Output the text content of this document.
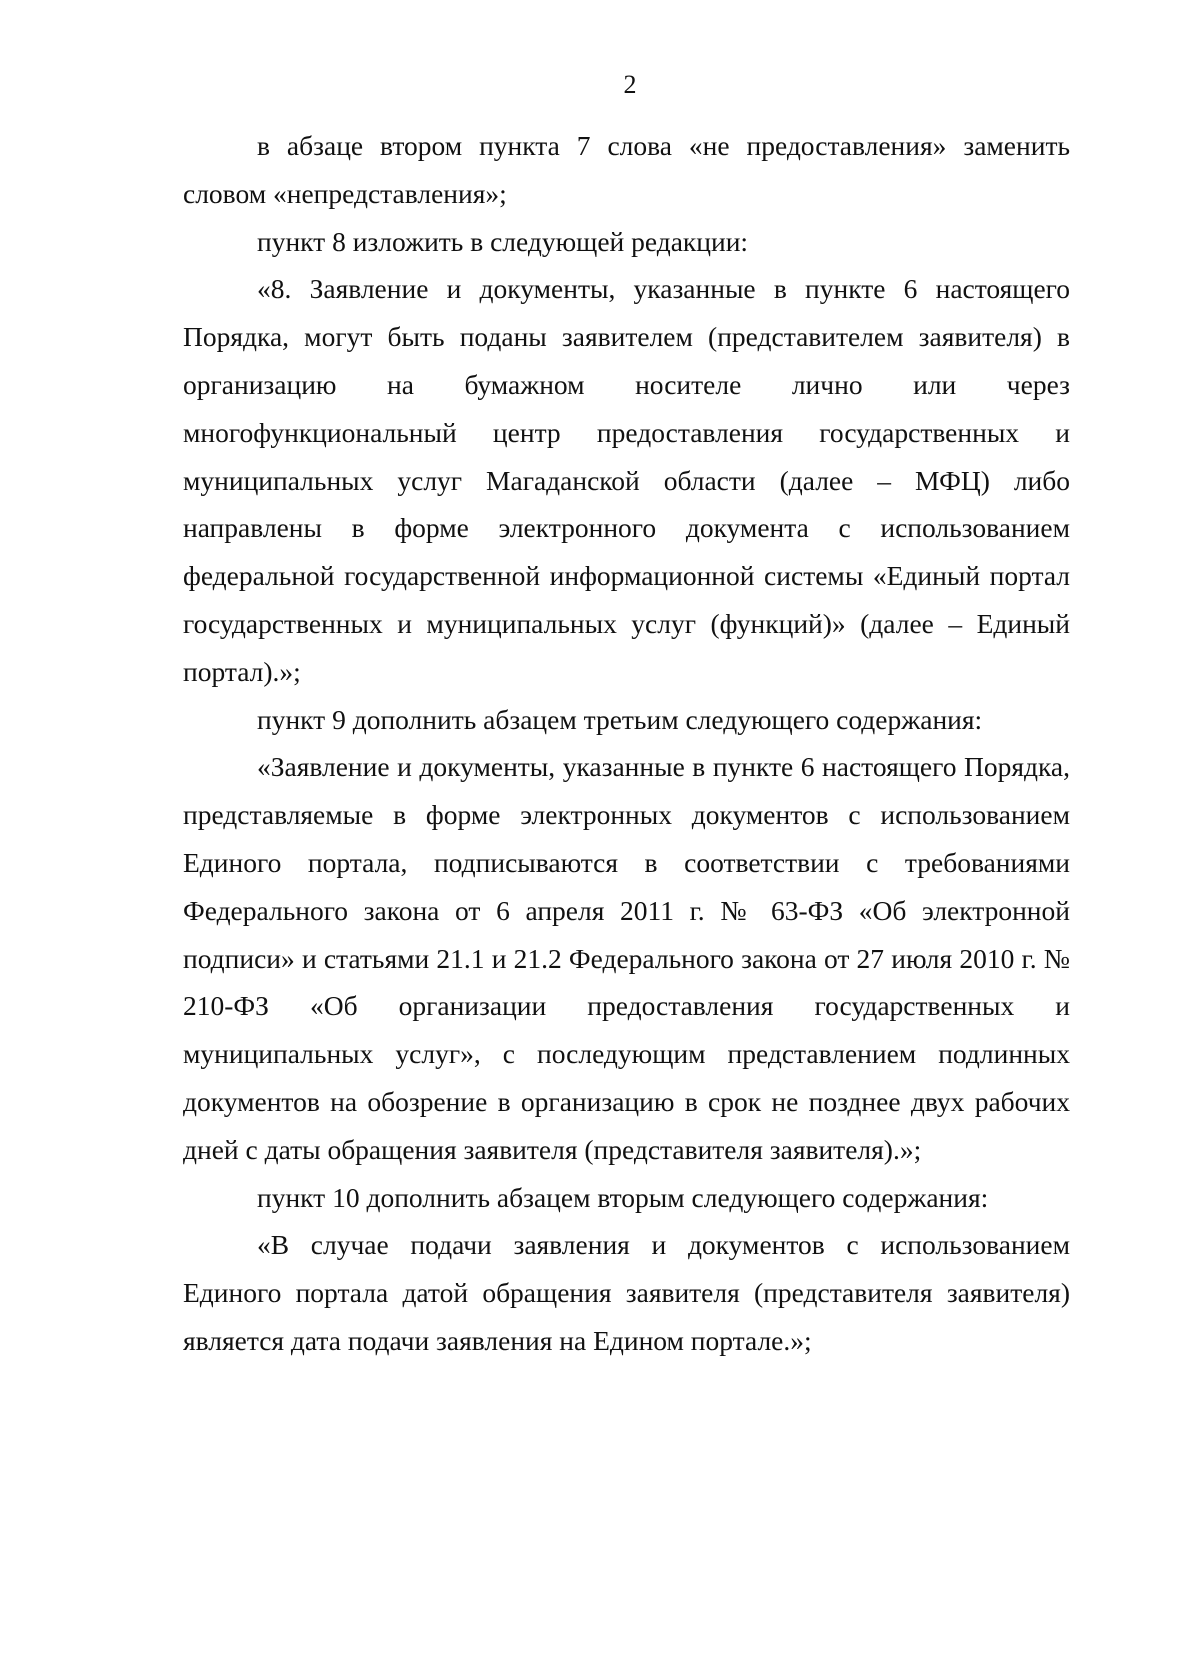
2

в абзаце втором пункта 7 слова «не предоставления» заменить словом «непредставления»;

пункт 8 изложить в следующей редакции:

«8. Заявление и документы, указанные в пункте 6 настоящего Порядка, могут быть поданы заявителем (представителем заявителя) в организацию на бумажном носителе лично или через многофункциональный центр предоставления государственных и муниципальных услуг Магаданской области (далее – МФЦ) либо направлены в форме электронного документа с использованием федеральной государственной информационной системы «Единый портал государственных и муниципальных услуг (функций)» (далее – Единый портал).»;

пункт 9 дополнить абзацем третьим следующего содержания:

«Заявление и документы, указанные в пункте 6 настоящего Порядка, представляемые в форме электронных документов с использованием Единого портала, подписываются в соответствии с требованиями Федерального закона от 6 апреля 2011 г. № 63-ФЗ «Об электронной подписи» и статьями 21.1 и 21.2 Федерального закона от 27 июля 2010 г. № 210-ФЗ «Об организации предоставления государственных и муниципальных услуг», с последующим представлением подлинных документов на обозрение в организацию в срок не позднее двух рабочих дней с даты обращения заявителя (представителя заявителя).»;

пункт 10 дополнить абзацем вторым следующего содержания:

«В случае подачи заявления и документов с использованием Единого портала датой обращения заявителя (представителя заявителя) является дата подачи заявления на Едином портале.»;
